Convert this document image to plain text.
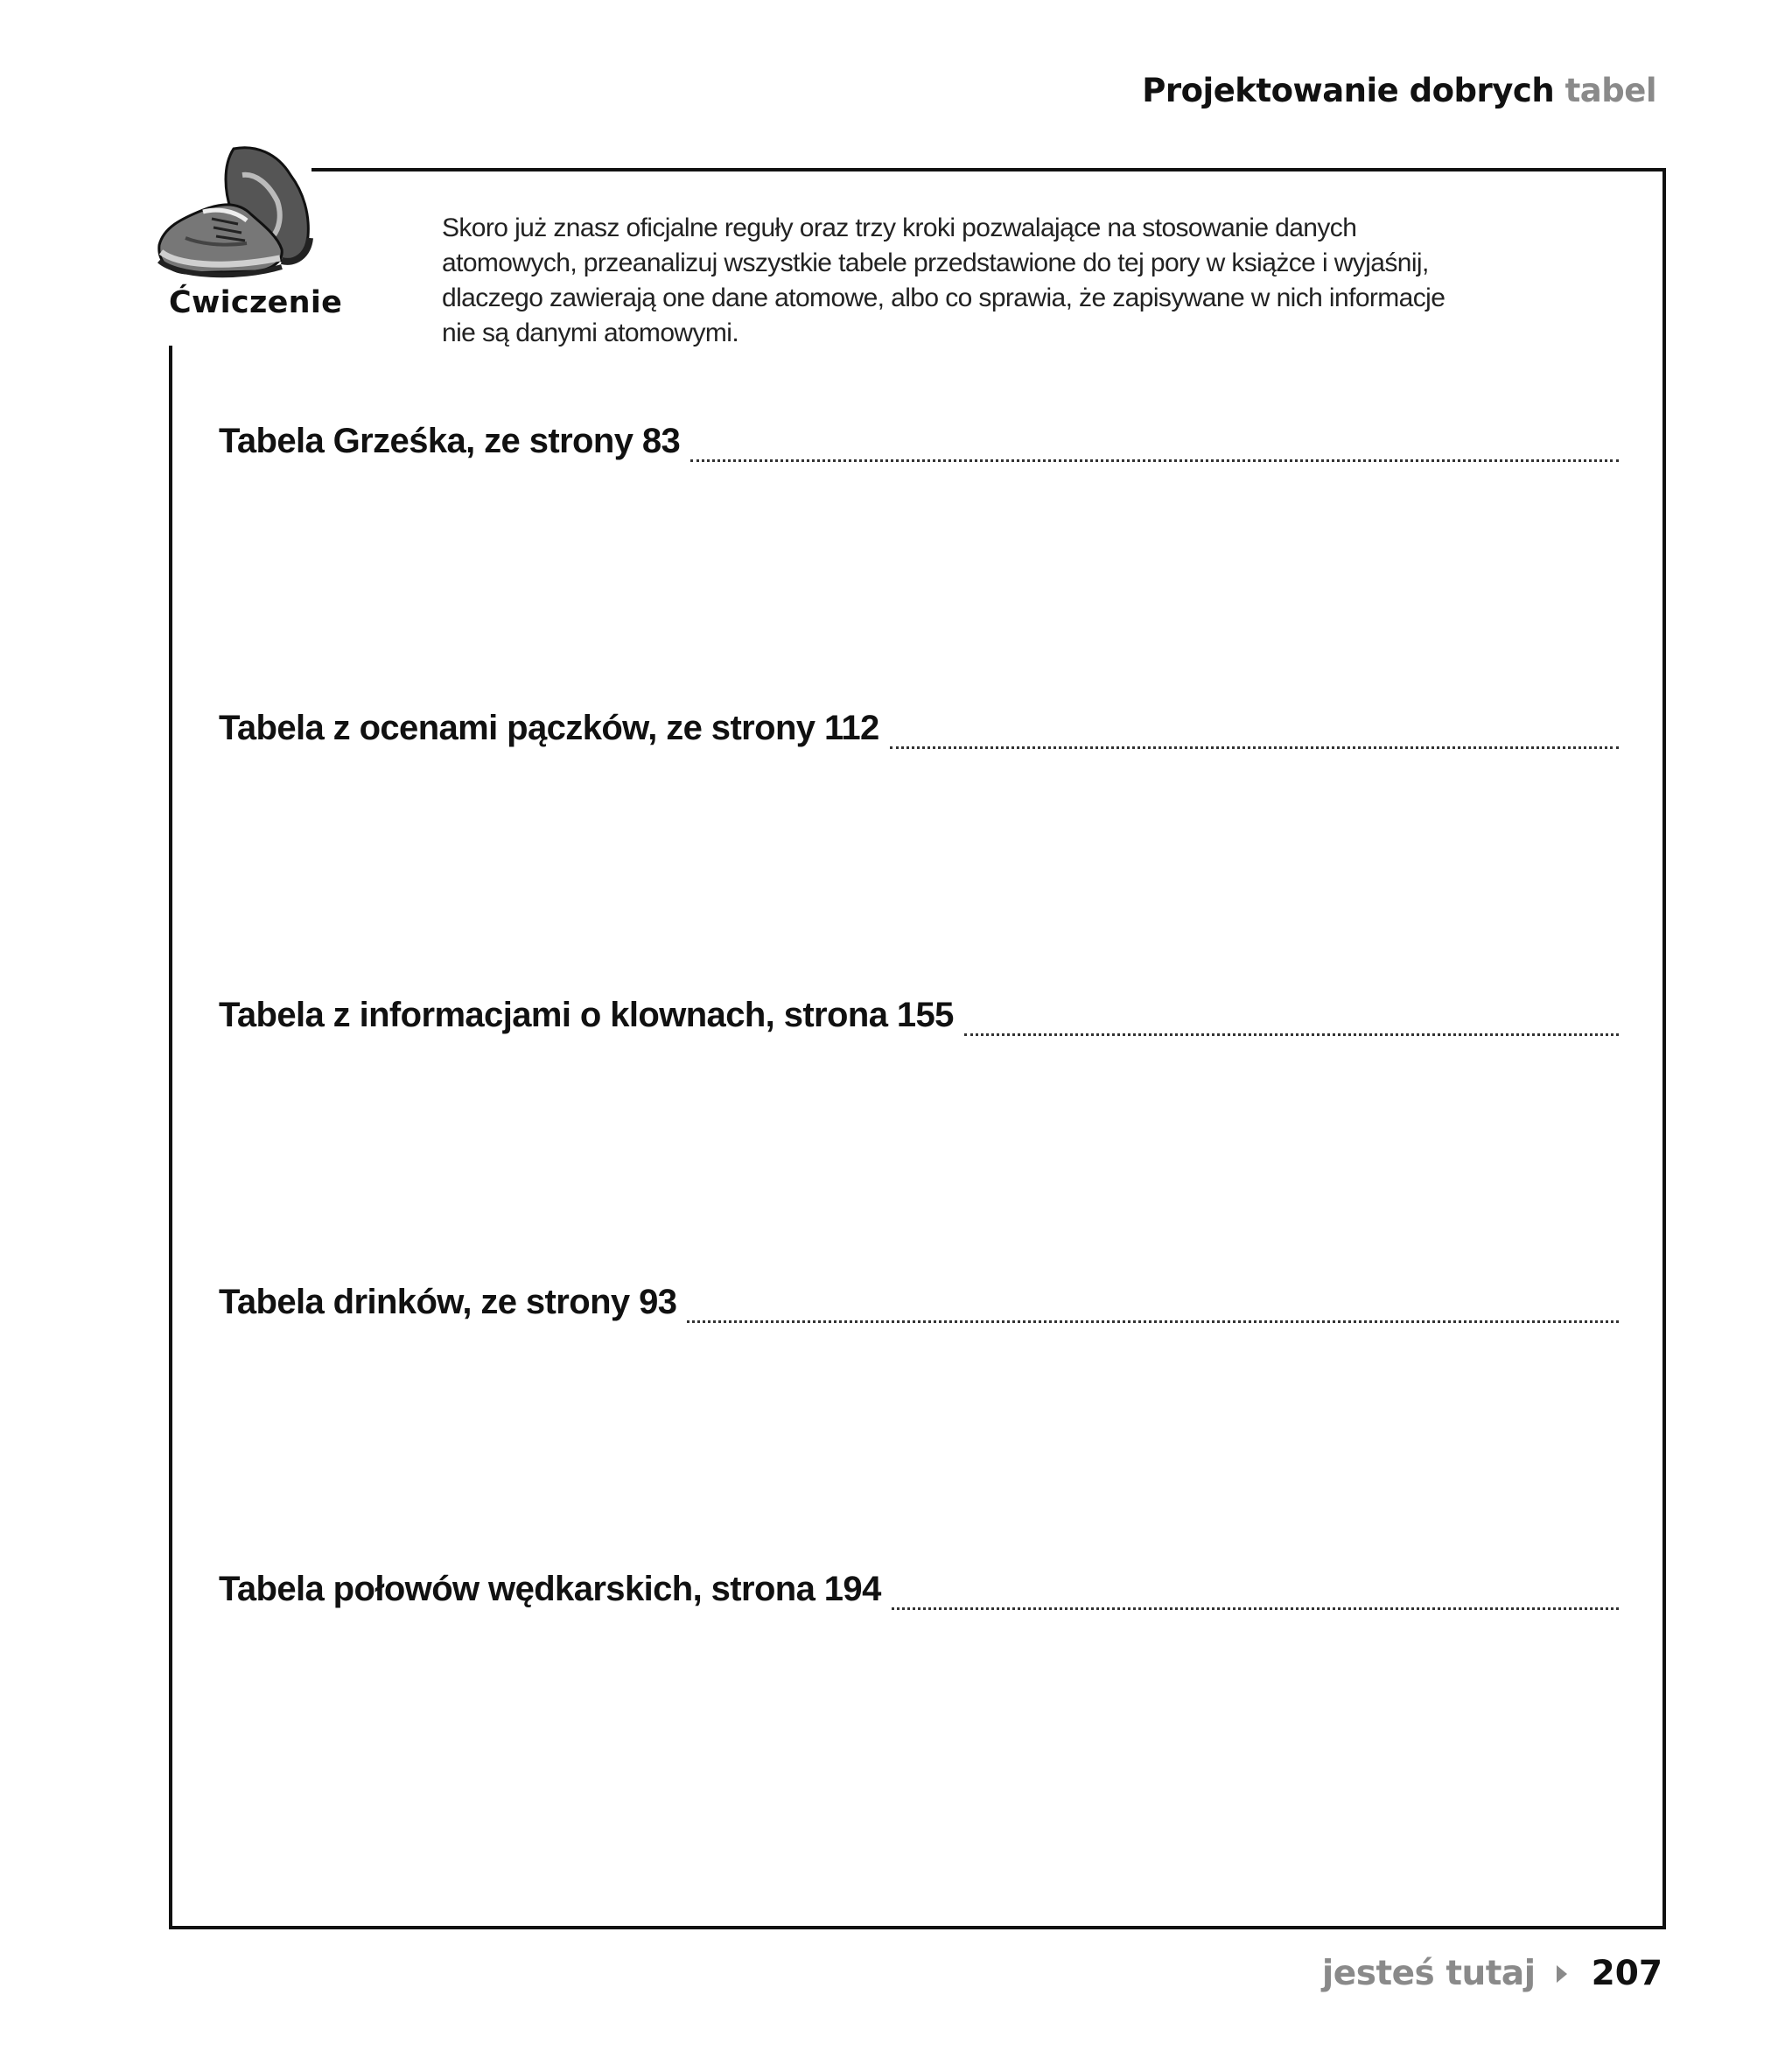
Projektowanie dobrych tabel
Ćwiczenie
Skoro już znasz oficjalne reguły oraz trzy kroki pozwalające na stosowanie danych
atomowych, przeanalizuj wszystkie tabele przedstawione do tej pory w książce i wyjaśnij,
dlaczego zawierają one dane atomowe, albo co sprawia, że zapisywane w nich informacje
nie są danymi atomowymi.
Tabela Grześka, ze strony 83
Tabela z ocenami pączków, ze strony 112
Tabela z informacjami o klownach, strona 155
Tabela drinków, ze strony 93
Tabela połowów wędkarskich, strona 194
jesteś tutaj 207
